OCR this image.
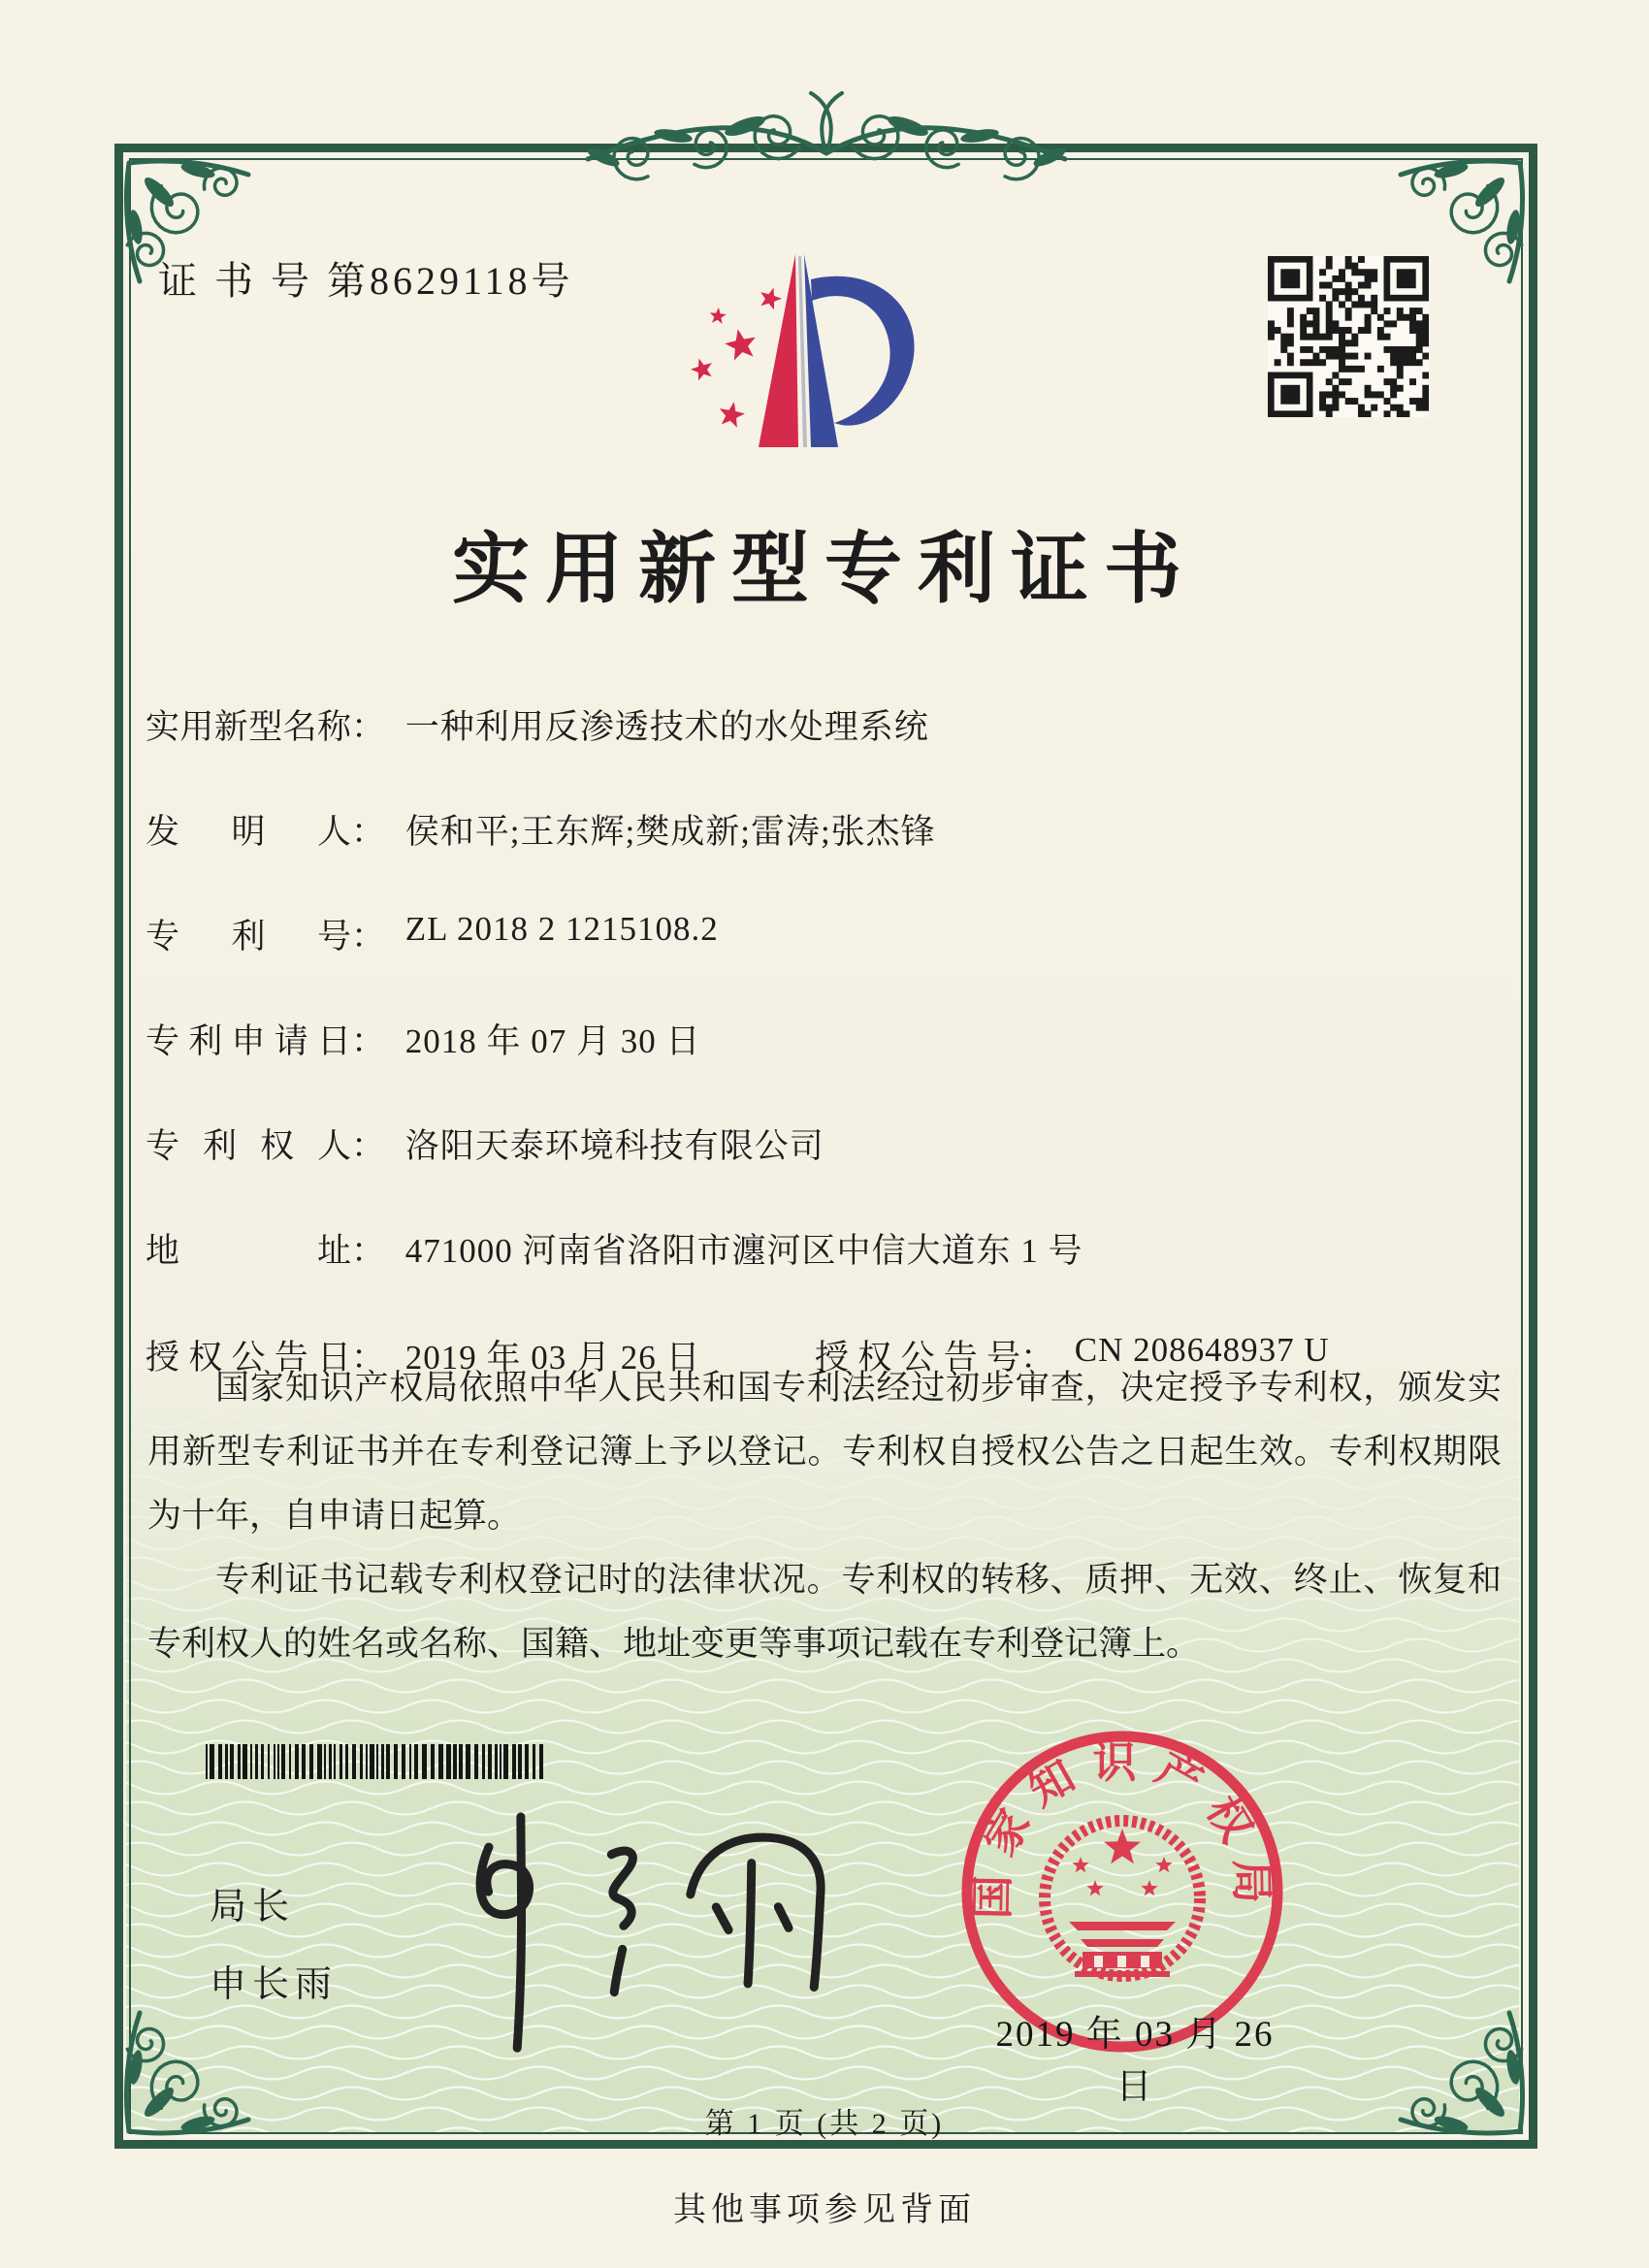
证 书 号 第8629118号
实用新型专利证书
实用新型名称： 一种利用反渗透技术的水处理系统
发明人： 侯和平;王东辉;樊成新;雷涛;张杰锋
专利号： ZL 2018 2 1215108.2
专利申请日： 2018 年 07 月 30 日
专利权人： 洛阳天泰环境科技有限公司
地址： 471000 河南省洛阳市瀍河区中信大道东 1 号
授权公告日： 2019 年 03 月 26 日	授权公告号： CN 208648937 U

国家知识产权局依照中华人民共和国专利法经过初步审查，决定授予专利权，颁发实用新型专利证书并在专利登记簿上予以登记。专利权自授权公告之日起生效。专利权期限为十年，自申请日起算。

专利证书记载专利权登记时的法律状况。专利权的转移、质押、无效、终止、恢复和专利权人的姓名或名称、国籍、地址变更等事项记载在专利登记簿上。

局长
申长雨
国家知识产权局
2019 年 03 月 26 日
第 1 页 (共 2 页)
其他事项参见背面
